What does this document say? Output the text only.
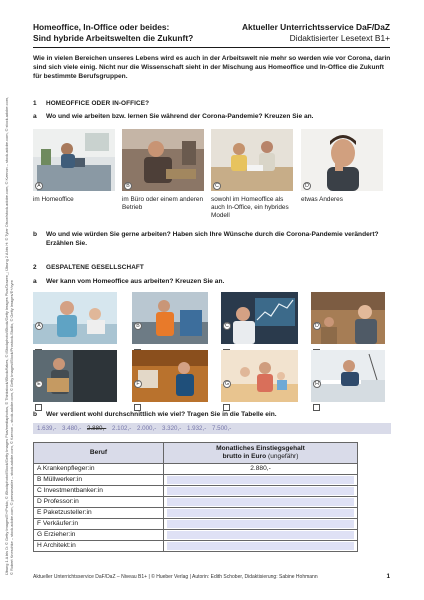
Übung 1 A bis D: © Getty Images/E+/Pekic, © iStockphoto/iStock/Getty Images Plus/mediaphotos, © Thinkstock/iStock/fizkes, © iStockphoto/iStock/Getty Images Plus/Drazen_; Übung 2 A bis H: © Tyler Olson/stock.adobe.com, © Kzenon – stock.adobe.com, © stock.adobe.com, © Robert Kneschke – stock.adobe.com, © pressmaster – stock.adobe.com, © Kzenon – stock.adobe.com, © Getty Images/iStock/Prostock-Studio, © Getty Images/E+/cyrn
Homeoffice, In-Office oder beides:
Sind hybride Arbeitswelten die Zukunft?
Aktueller Unterrichtsservice DaF/DaZ
Didaktisierter Lesetext B1+
Wie in vielen Bereichen unseres Lebens wird es auch in der Arbeitswelt nie mehr so werden wie vor Corona, darin sind sich viele einig. Nicht nur die Wissenschaft sieht in der Mischung aus Homeoffice und In-Office die Zukunft für bestimmte Berufsgruppen.
1 HOMEOFFICE ODER IN-OFFICE?
a Wo und wie arbeiten bzw. lernen Sie während der Corona-Pandemie? Kreuzen Sie an.
A	B	C	D
im Homeoffice	im Büro oder einem anderen Betrieb
sowohl im Homeoffice als auch In-Office, ein hybrides Modell
etwas Anderes
b Wo und wie würden Sie gerne arbeiten? Haben sich Ihre Wünsche durch die Corona-Pandemie verändert? Erzählen Sie.
2 GESPALTENE GESELLSCHAFT
a Wer kann vom Homeoffice aus arbeiten? Kreuzen Sie an.
A	B	C	D
E	F	G	H
b Wer verdient wohl durchschnittlich wie viel? Tragen Sie in die Tabelle ein.
1.639,- 3.480,- 2.880,- 2.102,- 2.000,- 3.320,- 1.932,- 7.500,-
Beruf	Monatliches Einstiegsgehalt
brutto in Euro (ungefähr)

A Krankenpfleger:in	2.880,-

B Müllwerker:in	

C Investmentbanker:in	

D Professor:in	

E Paketzusteller:in	

F Verkäufer:in	

G Erzieher:in	

H Architekt:in	
Aktueller Unterrichtsservice DaF/DaZ – Niveau B1+ | © Hueber Verlag | Autorin: Edith Schober, Didaktisierung: Sabine Hohmann	1
